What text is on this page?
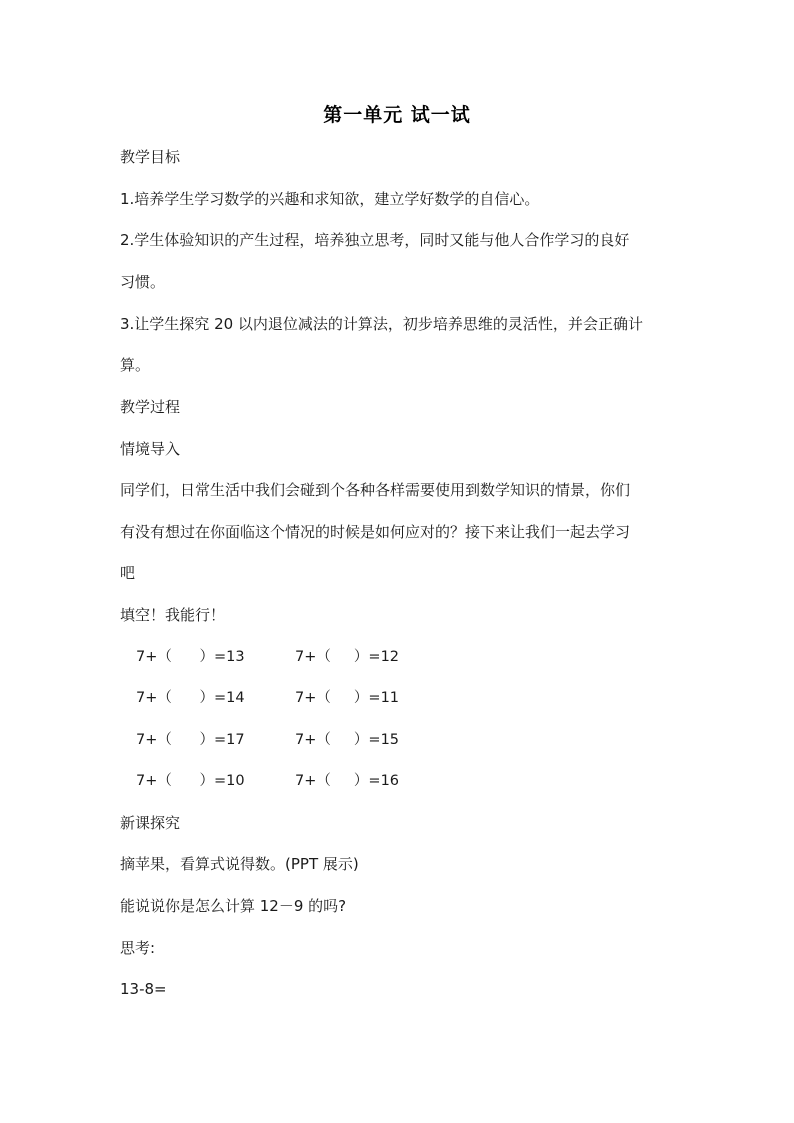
第一单元 试一试
教学目标
1.培养学生学习数学的兴趣和求知欲，建立学好数学的自信心。
2.学生体验知识的产生过程，培养独立思考，同时又能与他人合作学习的良好
习惯。
3.让学生探究 20 以内退位减法的计算法，初步培养思维的灵活性，并会正确计
算。
教学过程
情境导入
同学们，日常生活中我们会碰到个各种各样需要使用到数学知识的情景，你们
有没有想过在你面临这个情况的时候是如何应对的？接下来让我们一起去学习
吧
填空！我能行！
7+（      ）=13	7+（     ）=12
7+（      ）=14	7+（     ）=11
7+（      ）=17	7+（     ）=15
7+（      ）=10	7+（     ）=16
新课探究
摘苹果，看算式说得数。(PPT 展示)
能说说你是怎么计算 12－9 的吗?
思考:
13-8=
